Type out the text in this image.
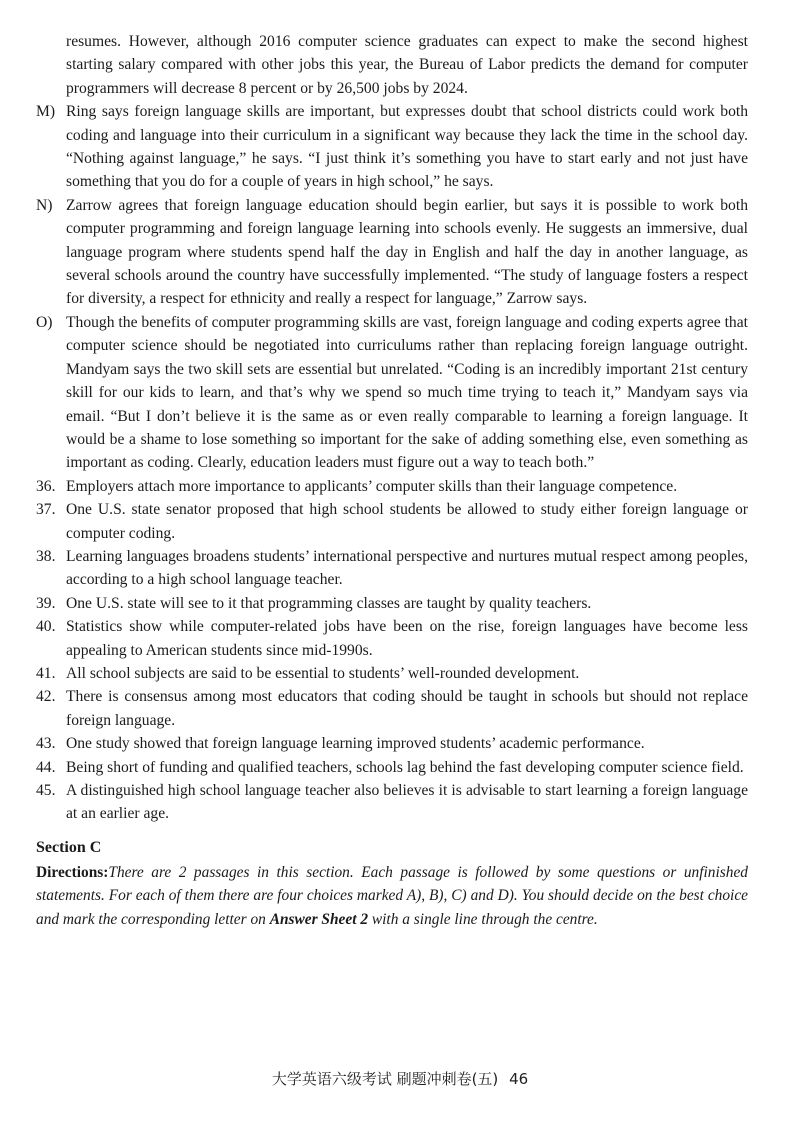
resumes. However, although 2016 computer science graduates can expect to make the second highest starting salary compared with other jobs this year, the Bureau of Labor predicts the demand for computer programmers will decrease 8 percent or by 26,500 jobs by 2024.

M) Ring says foreign language skills are important, but expresses doubt that school districts could work both coding and language into their curriculum in a significant way because they lack the time in the school day. “Nothing against language,” he says. “I just think it’s something you have to start early and not just have something that you do for a couple of years in high school,” he says.
N) Zarrow agrees that foreign language education should begin earlier, but says it is possible to work both computer programming and foreign language learning into schools evenly. He suggests an immersive, dual language program where students spend half the day in English and half the day in another language, as several schools around the country have successfully implemented. “The study of language fosters a respect for diversity, a respect for ethnicity and really a respect for language,” Zarrow says.
O) Though the benefits of computer programming skills are vast, foreign language and coding experts agree that computer science should be negotiated into curriculums rather than replacing foreign language outright. Mandyam says the two skill sets are essential but unrelated. “Coding is an incredibly important 21st century skill for our kids to learn, and that’s why we spend so much time trying to teach it,” Mandyam says via email. “But I don’t believe it is the same as or even really comparable to learning a foreign language. It would be a shame to lose something so important for the sake of adding something else, even something as important as coding. Clearly, education leaders must figure out a way to teach both.”
36. Employers attach more importance to applicants’ computer skills than their language competence.
37. One U.S. state senator proposed that high school students be allowed to study either foreign language or computer coding.
38. Learning languages broadens students’ international perspective and nurtures mutual respect among peoples, according to a high school language teacher.
39. One U.S. state will see to it that programming classes are taught by quality teachers.
40. Statistics show while computer-related jobs have been on the rise, foreign languages have become less appealing to American students since mid-1990s.
41. All school subjects are said to be essential to students’ well-rounded development.
42. There is consensus among most educators that coding should be taught in schools but should not replace foreign language.
43. One study showed that foreign language learning improved students’ academic performance.
44. Being short of funding and qualified teachers, schools lag behind the fast developing computer science field.
45. A distinguished high school language teacher also believes it is advisable to start learning a foreign language at an earlier age.
Section C
Directions:There are 2 passages in this section. Each passage is followed by some questions or unfinished statements. For each of them there are four choices marked A), B), C) and D). You should decide on the best choice and mark the corresponding letter on Answer Sheet 2 with a single line through the centre.
大学英语六级考试 刷题冲刺卷(五) 46
